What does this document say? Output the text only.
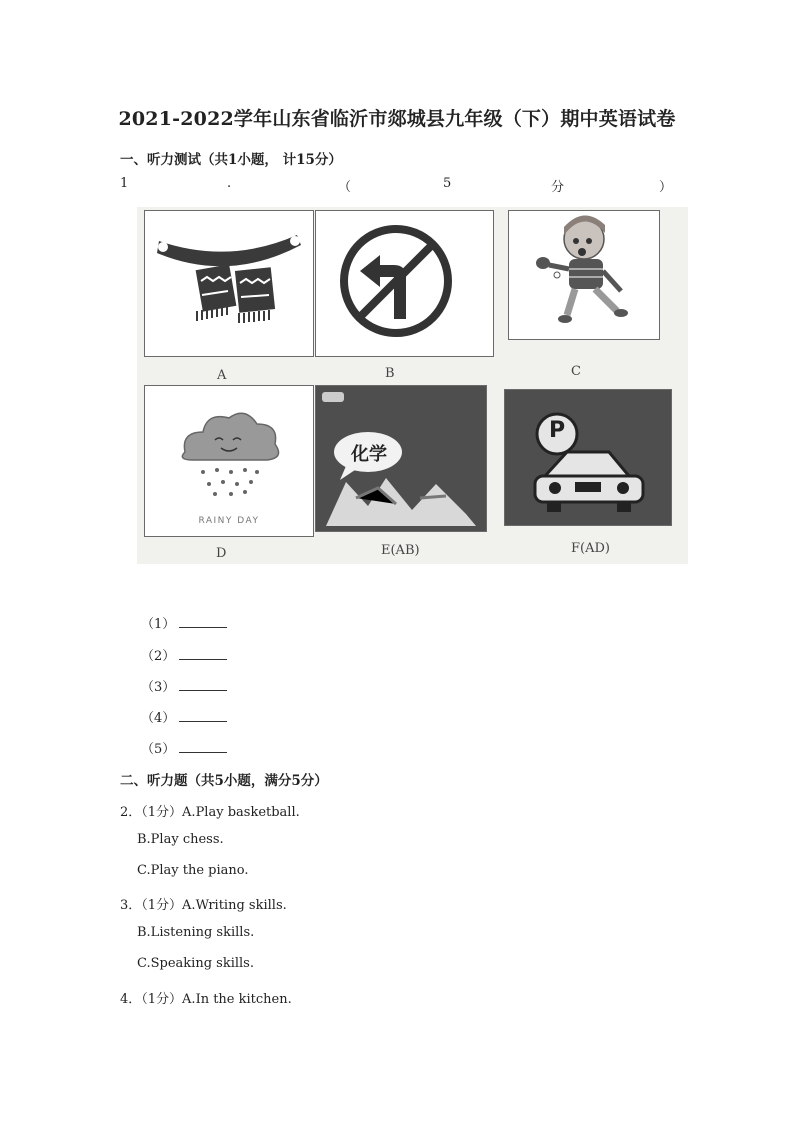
2021-2022学年山东省临沂市郯城县九年级（下）期中英语试卷
一、听力测试（共1小题， 计15分）
1	.	（	5	分	）
RAINY DAY
化学
P
A	B	C
D	E(AB)	F(AD)
（1）
（2）
（3）
（4）
（5）
二、听力题（共5小题，满分5分）
2．（1分）A.Play basketball.
B.Play chess.
C.Play the piano.
3．（1分）A.Writing skills.
B.Listening skills.
C.Speaking skills.
4．（1分）A.In the kitchen.
